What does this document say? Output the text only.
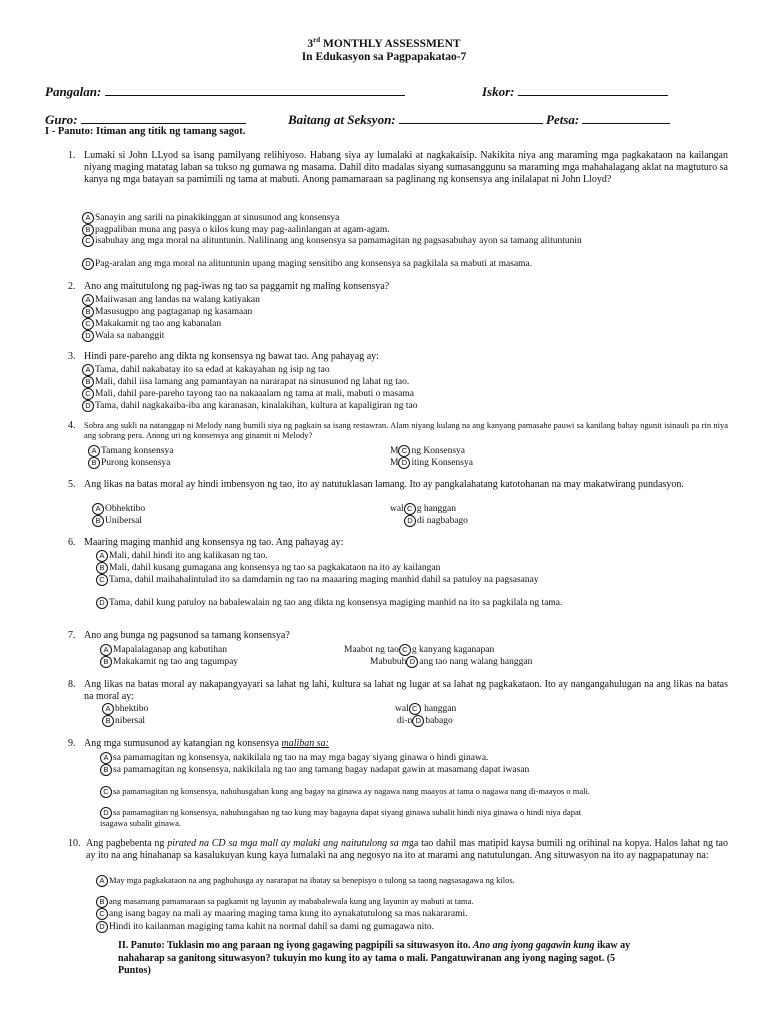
3rd MONTHLY ASSESSMENT
In Edukasyon sa Pagpapakatao-7
Pangalan:	Iskor:
Guro:	Baitang at Seksyon:	Petsa:
I - Panuto: Itiman ang titik ng tamang sagot.
1. Lumaki si John LLyod sa isang pamilyang relihiyoso. Habang siya ay lumalaki at nagkakaisip. Nakikita niya ang maraming mga pagkakataon na kailangan niyang maging matatag laban sa tukso ng gumawa ng masama. Dahil dito madalas siyang sumasanggunu sa maraming mga mahahalagang aklat na magtuturo sa kanya ng mga batayan sa pamimili ng tama at mabuti. Anong pamamaraan sa paglinang ng konsensya ang inilalapat ni John Lloyd?
A Sanayin ang sarili na pinakikinggan at sinusunod ang konsensya
B pagpaliban muna ang pasya o kilos kung may pag-aalinlangan at agam-agam.
C isabuhay ang mga moral na alituntunin. Nalilinang ang konsensya sa pamamagitan ng pagsasabuhay ayon sa tamang alituntunin
D Pag-aralan ang mga moral na alituntunin upang maging sensitibo ang konsensya sa pagkilala sa mabuti at masama.
2. Ano ang maitutulong ng pag-iwas ng tao sa paggamit ng maling konsensya?
A Maiiwasan ang landas na walang katiyakan
B Masusugpo ang pagtaganap ng kasamaan
C Makakamit ng tao ang kabanalan
D Wala sa nabanggit
3. Hindi pare-pareho ang dikta ng konsensya ng bawat tao. Ang pahayag ay:
A Tama, dahil nakabatay ito sa edad at kakayahan ng isip ng tao
B Mali, dahil iisa lamang ang pamantayan na nararapat na sinusunod ng lahat ng tao.
C Mali, dahil pare-pareho tayong tao na nakaaalam ng tama at mali, mabuti o masama
D Tama, dahil nagkakaiba-iba ang karanasan, kinalakihan, kultura at kapaligiran ng tao
4. Sobra ang sukli na natanggap ni Melody nang bumili siya ng pagkain sa isang restawran. Alam niyang kulang na ang kanyang pamasahe pauwi sa kanilang bahay ngunit isinauli pa rin niya ang sobrang pera. Anong uri ng konsensya ang ginamit ni Melody?
A Tamang konsensya
B Purong konsensya
M C ng Konsensya
M D iting Konsensya
5. Ang likas na batas moral ay hindi imbensyon ng tao, ito ay natutuklasan lamang. Ito ay pangkalahatang katotohanan na may makatwirang pundasyon.
A Obhektibo
B Unibersal
wal C g hanggan
D di nagbabago
6. Maaring maging manhid ang konsensya ng tao. Ang pahayag ay:
A Mali, dahil hindi ito ang kalikasan ng tao.
B Mali, dahil kusang gumagana ang konsensya ng tao sa pagkakataon na ito ay kailangan
C Tama, dahil maihahalintulad ito sa damdamin ng tao na maaaring maging manhid dahil sa patuloy na pagsasanay
D Tama, dahil kung patuloy na babalewalain ng tao ang dikta ng konsensya magiging manhid na ito sa pagkilala ng tama.
7. Ano ang bunga ng pagsunod sa tamang konsensya?
A Mapalalaganap ang kabutihan
B Makakamit ng tao ang tagumpay
Maabot ng tao C g kanyang kaganapan
Mabubuh D ang tao nang walang hanggan
8. Ang likas na batas moral ay nakapangyayari sa lahat ng lahi, kultura sa lahat ng lugar at sa lahat ng pagkakataon. Ito ay nangangahulugan na ang likas na batas na moral ay:
A bhektibo
B nibersal
wal C hanggan
di-n D babago
9. Ang mga sumusunod ay katangian ng konsensya maliban sa:
A sa pamamagitan ng konsensya, nakikilala ng tao na may mga bagay siyang ginawa o hindi ginawa.
B sa pamamagitan ng konsensya, nakikilala ng tao ang tamang bagay nadapat gawin at masamang dapat iwasan
C sa pamamagitan ng konsensya, nahuhusgahan kung ang bagay na ginawa ay nagawa nang maayos at tama o nagawa nang di-maayos o mali.
D sa pamamagitan ng konsensya, nahuhusgahan ng tao kung may bagayna dapat siyang ginawa subalit hindi niya ginawa o hindi niya dapat isagawa subalit ginawa.
10. Ang pagbebenta ng pirated na CD sa mga mall ay malaki ang naitutulong sa mga tao dahil mas matipid kaysa bumili ng orihinal na kopya. Halos lahat ng tao ay ito na ang hinahanap sa kasalukuyan kung kaya lumalaki na ang negosyo na ito at marami ang natutulungan. Ang situwasyon na ito ay nagpapatunay na:
A May mga pagkakataon na ang paghuhusga ay nararapat na ibatay sa benepisyo o tulong sa taong nagsasagawa ng kilos.
B ang masamang pamamaraan sa pagkamit ng layunin ay mababalewala kung ang layunin ay mabuti at tama.
C ang isang bagay na mali ay maaring maging tama kung ito aynakatutulong sa mas nakararami.
D Hindi ito kailanman magiging tama kahit na normal dahil sa dami ng gumagawa nito.
II. Panuto: Tuklasin mo ang paraan ng iyong gagawing pagpipili sa situwasyon ito. Ano ang iyong gagawin kung ikaw ay nahaharap sa ganitong situwasyon? tukuyin mo kung ito ay tama o mali. Pangatuwiranan ang iyong naging sagot. (5 Puntos)
